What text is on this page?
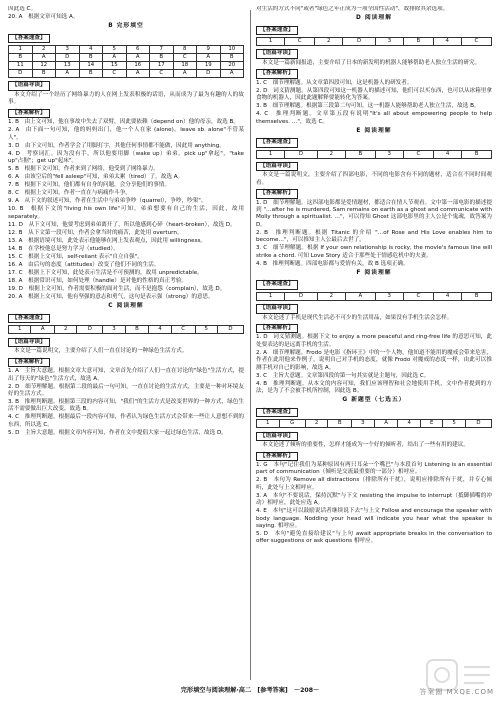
因此选 C。

20. A　根据文章可知选 A。

B 完形填空
【答案速查】
1	2	3	4	5	6	7	8	9	10
B	A	D	B	A	A	B	C	A	B
11	12	13	14	15	16	17	18	19	20
D	B	A	B	C	A	C	A	D	A
【语篇导读】

本文介绍了一个经历了网络暴力的人在网上发表积极的话语，从而成为了最为有趣的人的故事。

【答案解析】

1. B　由上文可知，他在事故中失去了双臂，因此要依赖（depend on）他的母亲，故选 B。

2. A　由下面一句可知，他的妈妈出门，他一个人在家 (alone)。leave sb. alone"不管某人"。

3. D　由下文可知，作者学会了用脚打字，其他任何事情都不能做，因此用 anything。

4. D　考察词汇。因为没有手，所以他要用脚（wake up）弟弟，pick up"拿起"，"take up"占据"；get up"起床"。

5. B　根据下文可知，作者来到了网络，他受到了网络暴力。

6. A　由该空后的"fell asleep"可知，弟弟太累（tired）了，故选 A。

7. B　根据下文可知，他们都有自身的问题，会分享他们的事情。

8. C　根据上文可知，作者一直在与病痛作斗争。

9. A　从下文的叙述可知，作者在生活中与弟弟争吵（quarrel），争吵，吵架"。

10. B　根据下文的"living his own life"可知，弟弟想要有自己的生活，因此，故用 separately。

11. D　从下文可知，他要考虑到弟弟离开了，所以他感到心碎（heart-broken），故选 D。

12. B　从下文第一段可知，作者会拿当时的痛苦，此处用 overturn。

13. A　根据语境可知，此处表示他能够在网上发表观点，因此用 willingness。

14. B　在学校他总是努力学习（studied）。

15. C　根据上文可知，self-reliant 表示"自立自强"。

16. A　由后句的态度（attitudes）改变了他们不同的生活。

17. C　根据上下文可知，此处表示生活是不可预测的，故用 unpredictable。

18. A　根据常识可知，如何处理（handle）是对他的性格的真正考验。

19. D　根据上文可知，作者需要积极的面对生活，而不是抱怨（complain），故选 D。

20. A　根据上文可知，他有坚强的意志和勇气，这句是表示强（strong）的意思。

C 阅读理解
【答案速查】
1	A	2	D	3	B	4	C	5	D
【语篇导读】

本文是一篇说明文，主要介绍了人们一直在讨论的一种绿色生活方式。

【答案解析】

1. A　主旨大意题。根据文章大意可知，文章首先介绍了人们一直在讨论的"绿色"生活方式，提出了每天的"绿色"生活方式，故选 A。

2. D　细节理解题。根据第二段的最后一句可知，一直在讨论的生活方式，主要是一种对环境友好的生活方式。

3. B　推理判断题。根据第三段的内容可知，"我们"的生活方式是改变世界的一种方式，绿色生活不需要做出巨大改变，故选 B。

4. C　推理判断题。根据最后一段内容可知，作者认为绿色生活方式会带来一些让人意想不到的东西，所以选 C。

5. D　主旨大意题。根据文章内容可知，作者在文中提倡大家一起过绿色生活，故选 D。

对生活的方式不同"或者"绿色之年正成为一项全国性活动"，故排除其余选项。

D 阅读理解
【答案速查】
1	C	2	D	3	B	4	C
【语篇导读】

本文是一篇新闻报道，主要介绍了日本的新发明的机器人能够帮助老人独立生活的研究。

【答案解析】

1. C　细节理解题。从文章第四段可知，这是机器人的研发者。

2. D　词义猜测题。从第四段可知这一机器人的描述可知，他们可以买东西，也可以从冰箱里拿食物的机器人，因此此题解释要能转化为答案。

3. B　细节理解题。根据第三段第二句可知，这一机器人能够帮助老人独立生活，故选 B。

4. C　推理判断题。文章第五段有说明"It's all about empowering people to help themselves. …"，故选 C。

E 阅读理解
【答案速查】
1	D	2	B	3	C	4	B
【语篇导读】

本文是一篇说明文，主要介绍了四部电影，不同的电影含有不同的题材，适合在不同时间观看。

【答案解析】

1. D　细节理解题。这四部电影都是爱情题材，都适合在情人节观看。文中第一部电影的描述提到 "…after he is murdered, Sam remains on earth as a ghost and communicate with Molly through a spiritualist. …"，可以得知 Ghost 这部电影里的主人公是个鬼魂，故答案为 D。

2. B　推理判断题。根据 Titanic 的介绍 "…of Rose and His Love enables him to become…"，可以推知主人公最后去世了。

3. C　细节理解题。根据 If your own relationship is rocky, the movie's famous line will strike a chord. 可知 Love Story 适合于那些处于情感危机中的夫妻。

4. B　推理判断题。四部电影都与爱情有关，故 B 选项正确。

F 阅读理解
【答案速查】
1	D	2	A	3	C	4	B
【语篇导读】

本文论述了手机是现代生活必不可少的生活用品，如果没有手机生活会怎样。

【答案解析】

1. D　词义猜测题。根据下文 to enjoy a more peaceful and ring-free life 的意思可知，此处要表达的是远离手机的生活。

2. A　细节理解题。Frodo 是电影《指环王》中的一个人物，他知道不能用的魔戒会带来危害，作者在此用他来作例子，说明自己对手机的态度，就像 Frodo 对魔戒的态度一样，由此可以推测手机对自己的影响，故选 A。

3. C　主旨大意题。文章第四段的第一句其实就是主题句，因此选 C。

4. B　推理判断题。从本文的内容可知，我们应该理智和社会地使用手机，文中作者提到的方法，是为了不会被手机所控制，因此选 B。

G 新题型（七选五）
【答案速查】
1	G	2	B	3	A	4	E	5	D
【语篇导读】

本文论述了倾听的重要性，怎样才能成为一个好的倾听者，给出了一些有用的建议。

【答案解析】

1. G　本句"记住我们为某种原因有两只耳朵一个嘴巴"与本段首句 Listening is an essential part of communication（倾听是交流最重要的一部分）相呼应。

2. B　本句为 Remove all distractions（排除所有干扰），说明应排除所有干扰，并专心倾听，此处与上文相呼应。

3. A　本句"不要说话，保持沉默"与下文 resisting the impulse to interrupt（抵御插嘴的冲动）相呼应，此处应选 A。

4. E　本句"这可以鼓励说话者继续说下去"与上文 Follow and encourage the speaker with body language. Nodding your head will indicate you hear what the speaker is saying. 相呼应。

5. D　本句"避免直接给建议"与上句 await appropriate breaks in the conversation to offer suggestions or ask questions 相呼应。

完形填空与阅读理解·高二　[参考答案]　－208－	答案圈 MXQE.COM
